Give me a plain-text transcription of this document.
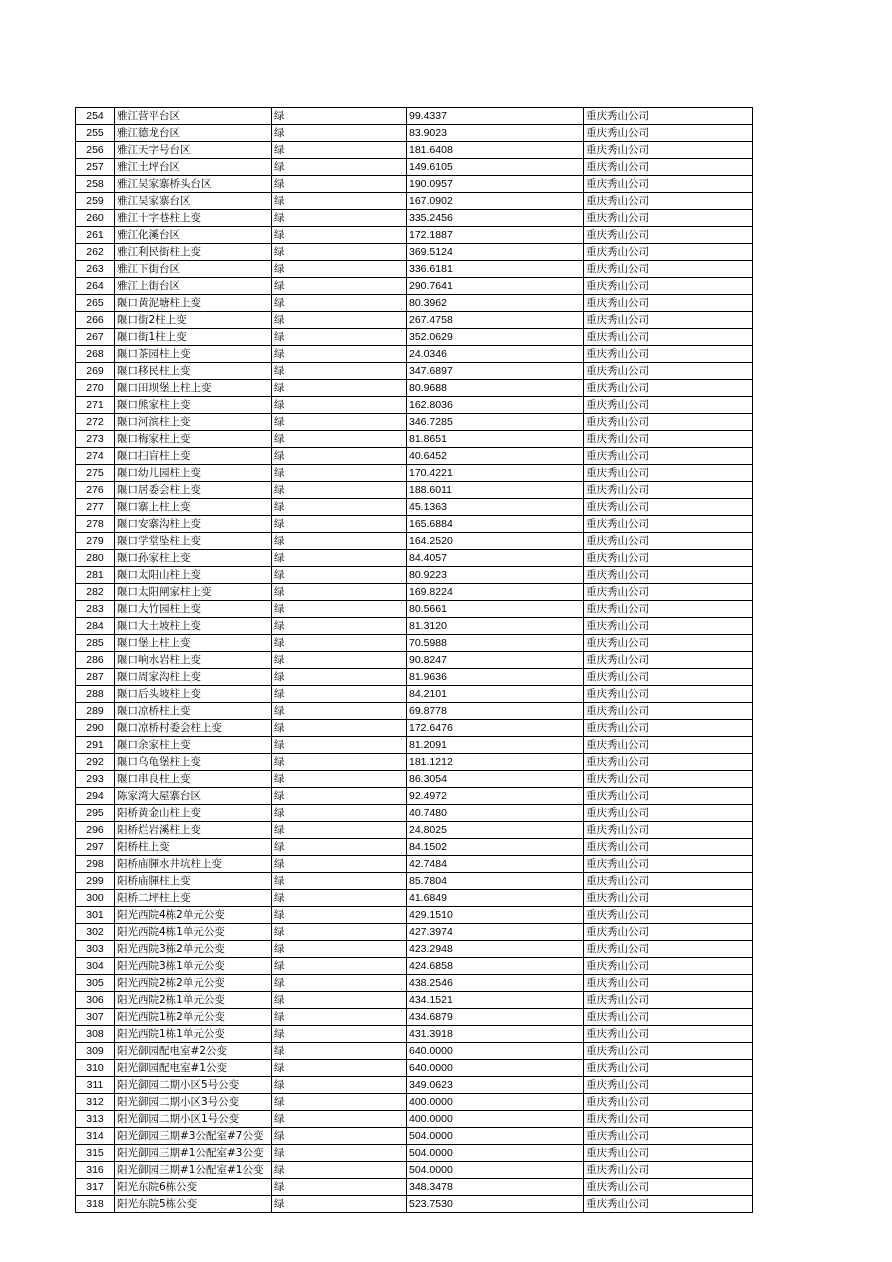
254	雅江营平台区	绿	99.4337	重庆秀山公司
255	雅江德龙台区	绿	83.9023	重庆秀山公司
256	雅江天字号台区	绿	181.6408	重庆秀山公司
257	雅江土坪台区	绿	149.6105	重庆秀山公司
258	雅江吴家寨桥头台区	绿	190.0957	重庆秀山公司
259	雅江吴家寨台区	绿	167.0902	重庆秀山公司
260	雅江十字巷柱上变	绿	335.2456	重庆秀山公司
261	雅江化溪台区	绿	172.1887	重庆秀山公司
262	雅江利民街柱上变	绿	369.5124	重庆秀山公司
263	雅江下街台区	绿	336.6181	重庆秀山公司
264	雅江上街台区	绿	290.7641	重庆秀山公司
265	隁口黄泥塘柱上变	绿	80.3962	重庆秀山公司
266	隁口街2柱上变	绿	267.4758	重庆秀山公司
267	隁口街1柱上变	绿	352.0629	重庆秀山公司
268	隁口茶园柱上变	绿	24.0346	重庆秀山公司
269	隁口移民柱上变	绿	347.6897	重庆秀山公司
270	隁口田坝堡上柱上变	绿	80.9688	重庆秀山公司
271	隁口熊家柱上变	绿	162.8036	重庆秀山公司
272	隁口河滨柱上变	绿	346.7285	重庆秀山公司
273	隁口梅家柱上变	绿	81.8651	重庆秀山公司
274	隁口扫盲柱上变	绿	40.6452	重庆秀山公司
275	隁口幼儿园柱上变	绿	170.4221	重庆秀山公司
276	隁口居委会柱上变	绿	188.6011	重庆秀山公司
277	隁口寨上柱上变	绿	45.1363	重庆秀山公司
278	隁口安寨沟柱上变	绿	165.6884	重庆秀山公司
279	隁口学堂坠柱上变	绿	164.2520	重庆秀山公司
280	隁口孙家柱上变	绿	84.4057	重庆秀山公司
281	隁口太阳山柱上变	绿	80.9223	重庆秀山公司
282	隁口太阳闸家柱上变	绿	169.8224	重庆秀山公司
283	隁口大竹园柱上变	绿	80.5661	重庆秀山公司
284	隁口大土坡柱上变	绿	81.3120	重庆秀山公司
285	隁口堡上柱上变	绿	70.5988	重庆秀山公司
286	隁口响水岩柱上变	绿	90.8247	重庆秀山公司
287	隁口周家沟柱上变	绿	81.9636	重庆秀山公司
288	隁口后头坡柱上变	绿	84.2101	重庆秀山公司
289	隁口凉桥柱上变	绿	69.8778	重庆秀山公司
290	隁口凉桥村委会柱上变	绿	172.6476	重庆秀山公司
291	隁口余家柱上变	绿	81.2091	重庆秀山公司
292	隁口乌龟堡柱上变	绿	181.1212	重庆秀山公司
293	隁口串良柱上变	绿	86.3054	重庆秀山公司
294	陈家湾大屋寨台区	绿	92.4972	重庆秀山公司
295	阳桥黄金山柱上变	绿	40.7480	重庆秀山公司
296	阳桥烂岩溪柱上变	绿	24.8025	重庆秀山公司
297	阳桥柱上变	绿	84.1502	重庆秀山公司
298	阳桥庙腪水井坑柱上变	绿	42.7484	重庆秀山公司
299	阳桥庙腪柱上变	绿	85.7804	重庆秀山公司
300	阳桥二坪柱上变	绿	41.6849	重庆秀山公司
301	阳光西院4栋2单元公变	绿	429.1510	重庆秀山公司
302	阳光西院4栋1单元公变	绿	427.3974	重庆秀山公司
303	阳光西院3栋2单元公变	绿	423.2948	重庆秀山公司
304	阳光西院3栋1单元公变	绿	424.6858	重庆秀山公司
305	阳光西院2栋2单元公变	绿	438.2546	重庆秀山公司
306	阳光西院2栋1单元公变	绿	434.1521	重庆秀山公司
307	阳光西院1栋2单元公变	绿	434.6879	重庆秀山公司
308	阳光西院1栋1单元公变	绿	431.3918	重庆秀山公司
309	阳光御园配电室#2公变	绿	640.0000	重庆秀山公司
310	阳光御园配电室#1公变	绿	640.0000	重庆秀山公司
311	阳光御园二期小区5号公变	绿	349.0623	重庆秀山公司
312	阳光御园二期小区3号公变	绿	400.0000	重庆秀山公司
313	阳光御园二期小区1号公变	绿	400.0000	重庆秀山公司
314	阳光御园三期#3公配室#7公变	绿	504.0000	重庆秀山公司
315	阳光御园三期#1公配室#3公变	绿	504.0000	重庆秀山公司
316	阳光御园三期#1公配室#1公变	绿	504.0000	重庆秀山公司
317	阳光东院6栋公变	绿	348.3478	重庆秀山公司
318	阳光东院5栋公变	绿	523.7530	重庆秀山公司
